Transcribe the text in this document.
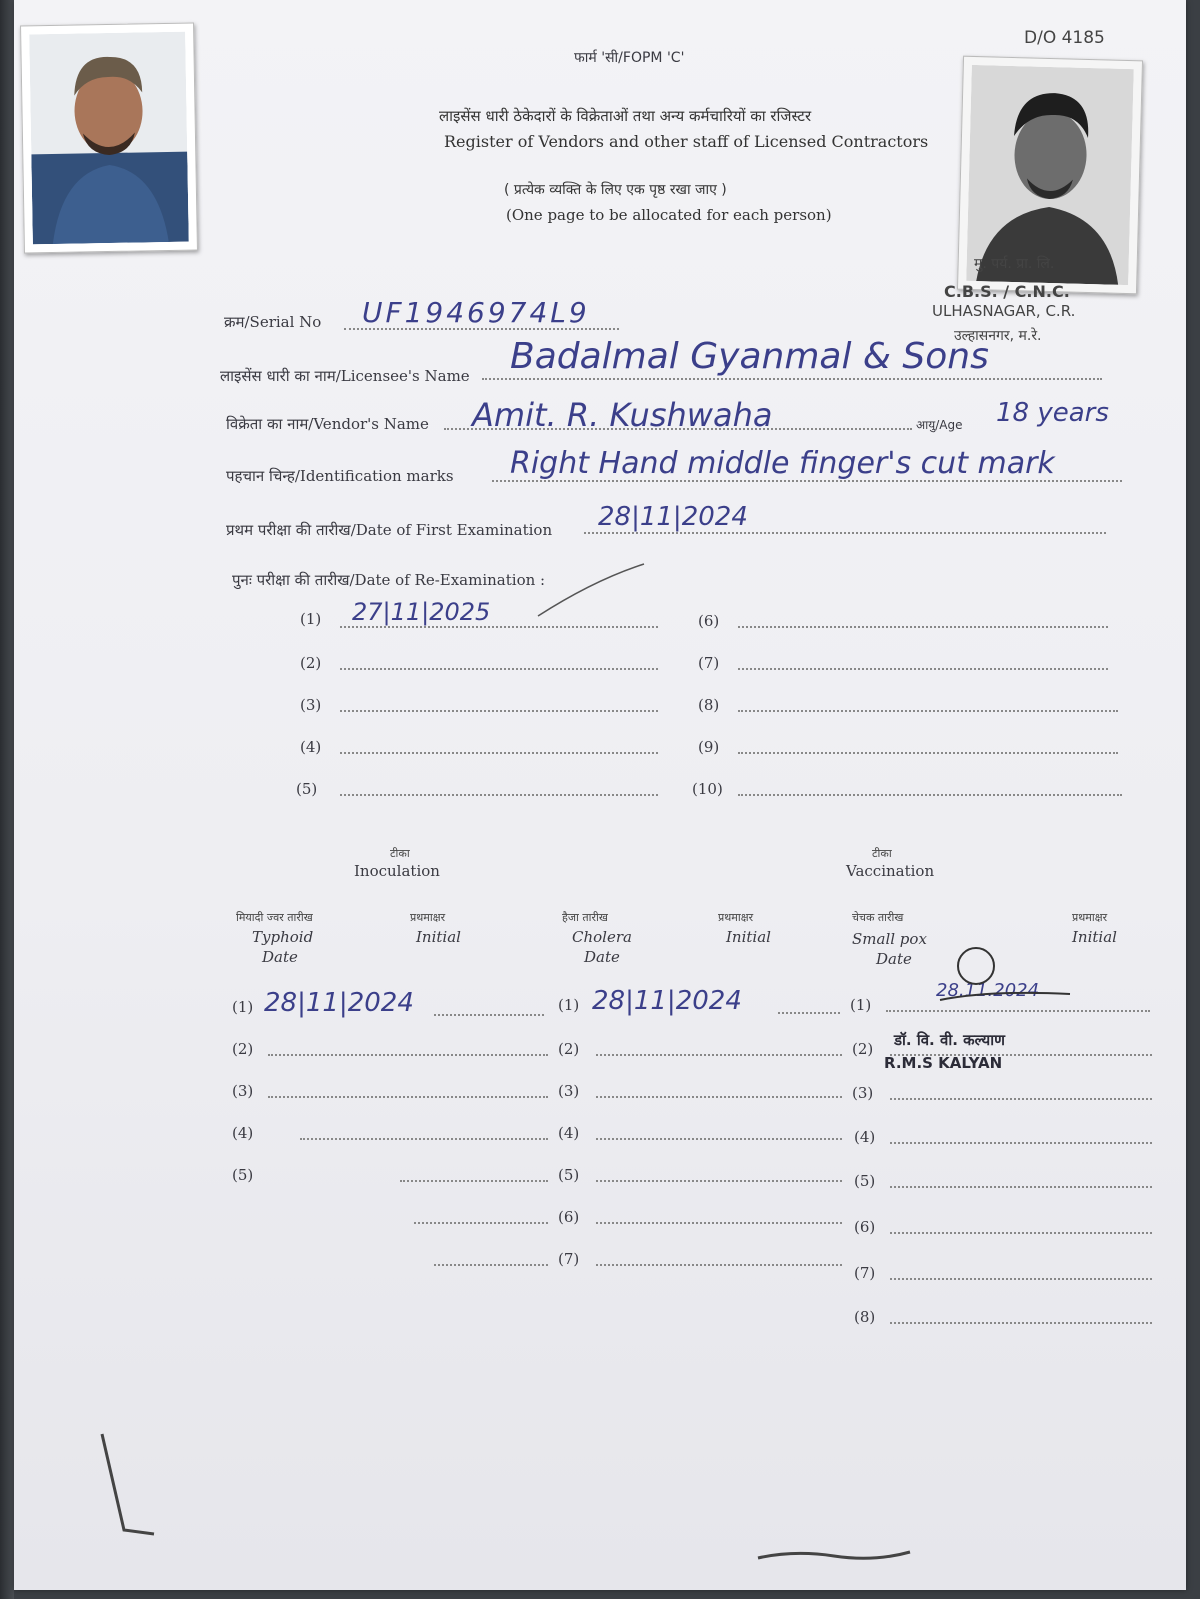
फार्म 'सी/FOPM 'C'
D/O 4185
लाइसेंस धारी ठेकेदारों के विक्रेताओं तथा अन्य कर्मचारियों का रजिस्टर
Register of Vendors and other staff of Licensed Contractors
( प्रत्येक व्यक्ति के लिए एक पृष्ठ रखा जाए )
(One page to be allocated for each person)
मु. पर्य. प्रा. लि.
C.B.S. / C.N.C.
ULHASNAGAR, C.R.
उल्हासनगर, म.रे.
क्रम/Serial No UF1946974L9
लाइसेंस धारी का नाम/Licensee's Name Badalmal Gyanmal & Sons
विक्रेता का नाम/Vendor's Name Amit. R. Kushwaha	आयु/Age 18 years
पहचान चिन्ह/Identification marks Right Hand middle finger's cut mark
प्रथम परीक्षा की तारीख/Date of First Examination 28|11|2024
पुनः परीक्षा की तारीख/Date of Re-Examination :
(1) 27|11|2025
(2)
(3)
(4)
(5)
(6)
(7)
(8)
(9)
(10)
टीका
Inoculation
टीका
Vaccination
मियादी ज्वर तारीख
Typhoid
Date
प्रथमाक्षर
Initial
हैजा तारीख
Cholera
Date
प्रथमाक्षर
Initial
चेचक तारीख
Small pox
Date
प्रथमाक्षर
Initial
(1) 28|11|2024
(2)
(3)
(4)
(5)
(1) 28|11|2024
(2)
(3)
(4)
(5)
(6)
(7)
(1)
28.11.2024
(2)
(3)
(4)
(5)
(6)
(7)
(8)
डॉ. वि. वी. कल्याण
R.M.S KALYAN
